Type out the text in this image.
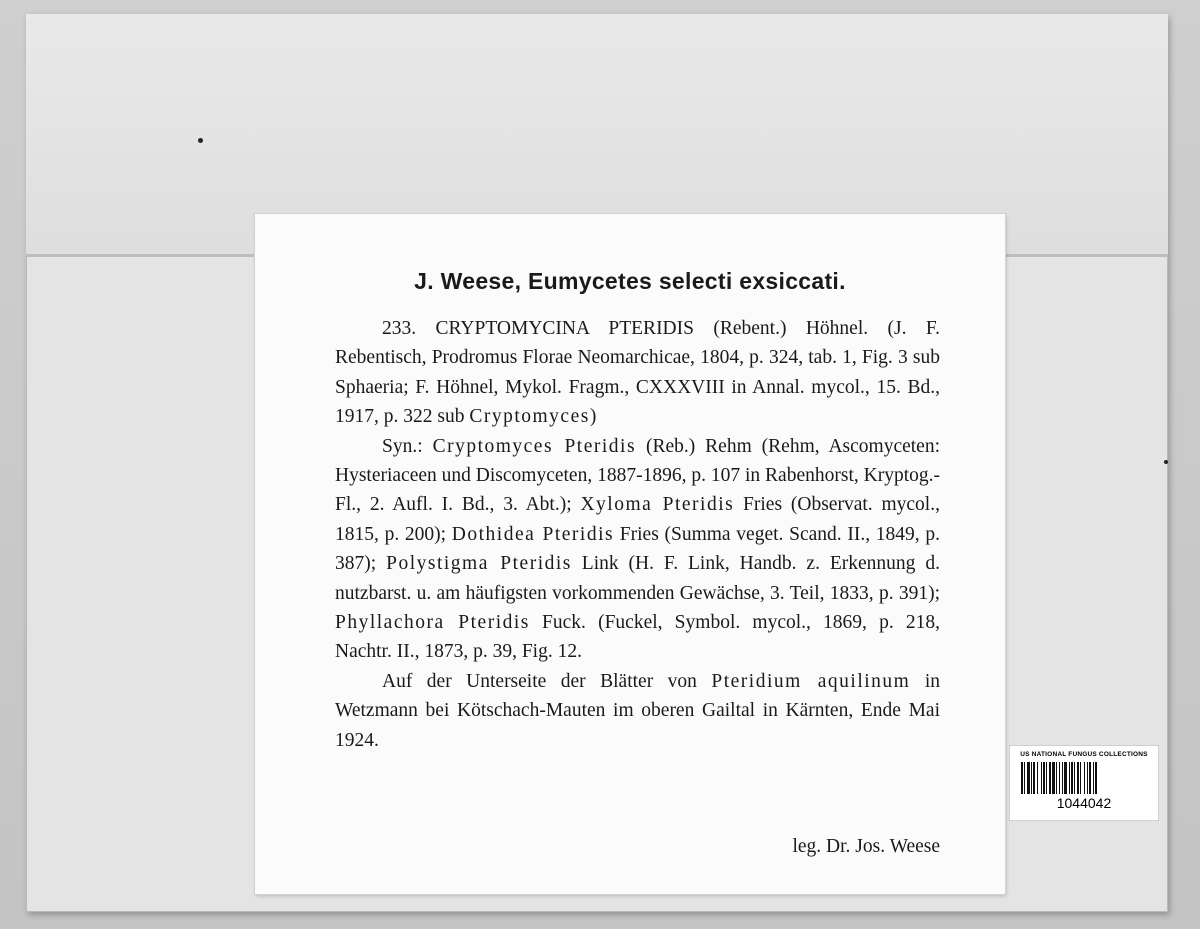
J. Weese, Eumycetes selecti exsiccati.

233. CRYPTOMYCINA PTERIDIS (Rebent.) Höhnel. (J. F. Rebentisch, Prodromus Florae Neomarchicae, 1804, p. 324, tab. 1, Fig. 3 sub Sphaeria; F. Höhnel, Mykol. Fragm., CXXXVIII in Annal. mycol., 15. Bd., 1917, p. 322 sub Cryptomyces)

Syn.: Cryptomyces Pteridis (Reb.) Rehm (Rehm, Ascomyceten: Hysteriaceen und Discomyceten, 1887-1896, p. 107 in Rabenhorst, Kryptog.-Fl., 2. Aufl. I. Bd., 3. Abt.); Xyloma Pteridis Fries (Observat. mycol., 1815, p. 200); Dothidea Pteridis Fries (Summa veget. Scand. II., 1849, p. 387); Polystigma Pteridis Link (H. F. Link, Handb. z. Erkennung d. nutzbarst. u. am häufigsten vorkommenden Gewächse, 3. Teil, 1833, p. 391); Phyllachora Pteridis Fuck. (Fuckel, Symbol. mycol., 1869, p. 218, Nachtr. II., 1873, p. 39, Fig. 12.

Auf der Unterseite der Blätter von Pteridium aquilinum in Wetzmann bei Kötschach-Mauten im oberen Gailtal in Kärnten, Ende Mai 1924.

leg. Dr. Jos. Weese
US NATIONAL FUNGUS COLLECTIONS
1044042
